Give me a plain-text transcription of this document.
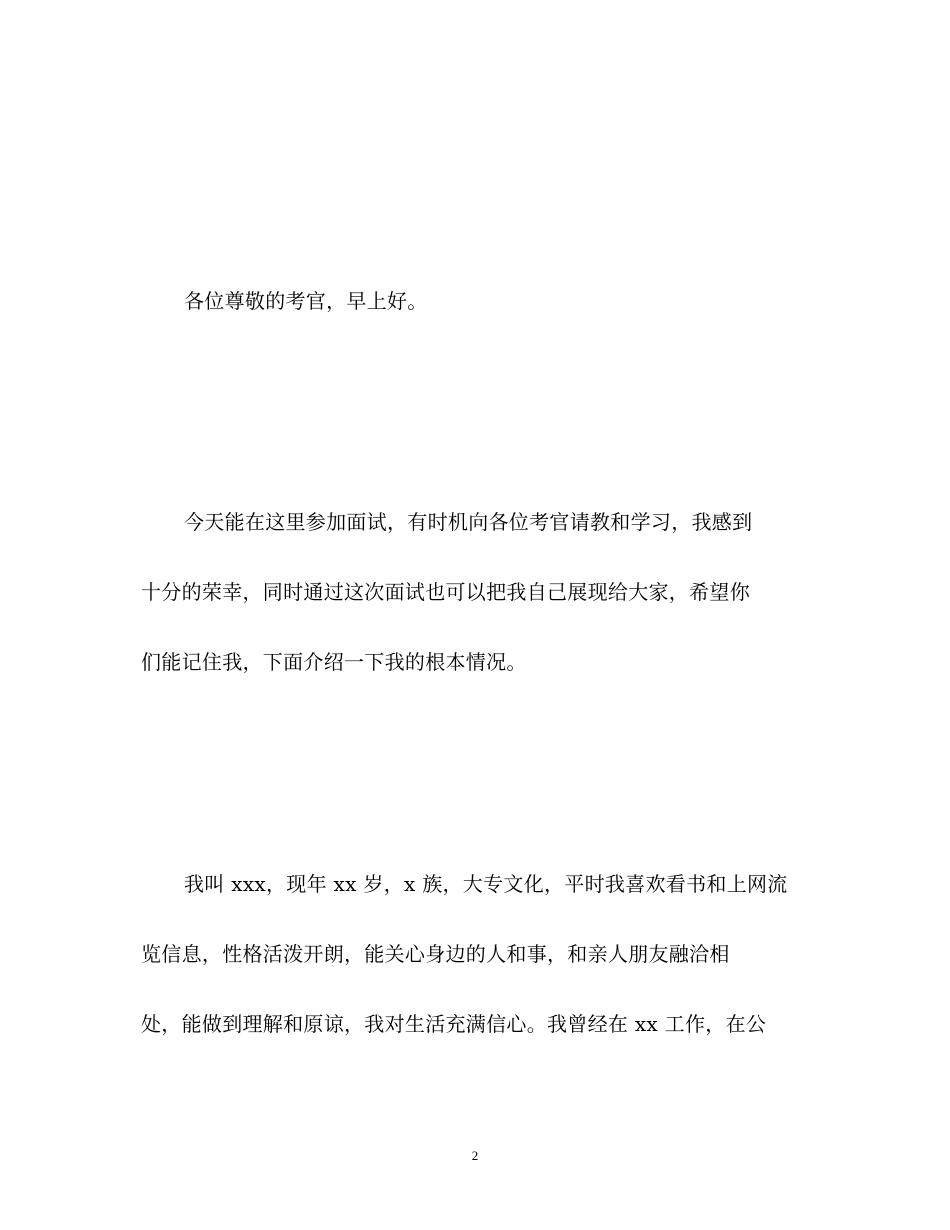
各位尊敬的考官，早上好。
今天能在这里参加面试，有时机向各位考官请教和学习，我感到
十分的荣幸，同时通过这次面试也可以把我自己展现给大家，希望你
们能记住我，下面介绍一下我的根本情况。
我叫 xxx，现年 xx 岁，x 族，大专文化，平时我喜欢看书和上网流
览信息，性格活泼开朗，能关心身边的人和事，和亲人朋友融洽相
处，能做到理解和原谅，我对生活充满信心。我曾经在 xx 工作，在公
2
